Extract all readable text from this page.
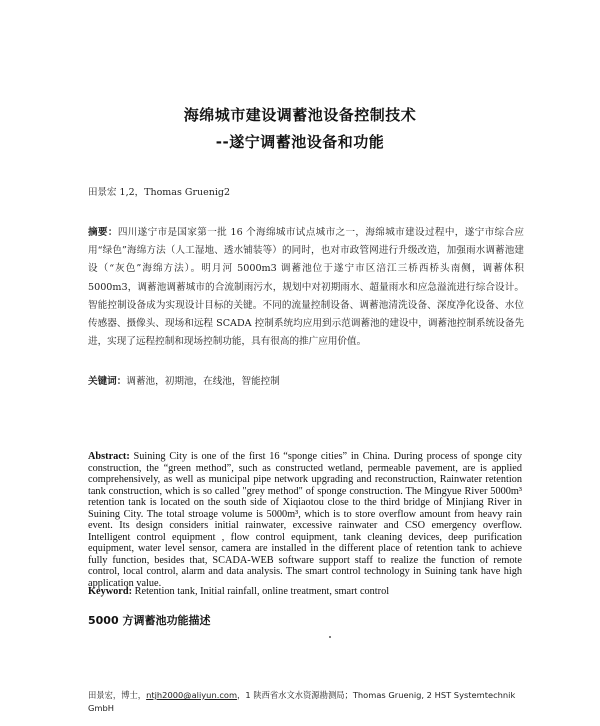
海绵城市建设调蓄池设备控制技术
--遂宁调蓄池设备和功能
田景宏 1,2，Thomas Gruenig2
摘要：四川遂宁市是国家第一批 16 个海绵城市试点城市之一，海绵城市建设过程中，遂宁市综合应用“绿色”海绵方法（人工湿地、透水铺装等）的同时，也对市政管网进行升级改造，加强雨水调蓄池建设（“灰色”海绵方法）。明月河 5000m3 调蓄池位于遂宁市区涪江三桥西桥头南侧，调蓄体积 5000m3，调蓄池调蓄城市的合流制雨污水，规划中对初期雨水、超量雨水和应急溢流进行综合设计。智能控制设备成为实现设计目标的关键。不同的流量控制设备、调蓄池清洗设备、深度净化设备、水位传感器、摄像头、现场和远程 SCADA 控制系统均应用到示范调蓄池的建设中，调蓄池控制系统设备先进，实现了远程控制和现场控制功能，具有很高的推广应用价值。
关键词：调蓄池，初期池，在线池，智能控制
Abstract: Suining City is one of the first 16 “sponge cities” in China. During process of sponge city construction, the “green method”, such as constructed wetland, permeable pavement, are is applied comprehensively, as well as municipal pipe network upgrading and reconstruction, Rainwater retention tank construction, which is so called "grey method" of sponge construction. The Mingyue River 5000m³ retention tank is located on the south side of Xiqiaotou close to the third bridge of Minjiang River in Suining City. The total stroage volume is 5000m³, which is to store overflow amount from heavy rain event. Its design considers initial rainwater, excessive rainwater and CSO emergency overflow. Intelligent control equipment , flow control equipment, tank cleaning devices, deep purification equipment, water level sensor, camera are installed in the different place of retention tank to achieve fully function, besides that, SCADA-WEB software support staff to realize the function of remote control, local control, alarm and data analysis. The smart control technology in Suining tank have high application value.
Keyword: Retention tank, Initial rainfall, online treatment, smart control
5000 方调蓄池功能描述
田景宏，博士，ntjh2000@aliyun.com，1 陕西省水文水资源勘测局；Thomas Gruenig, 2 HST Systemtechnik GmbH
